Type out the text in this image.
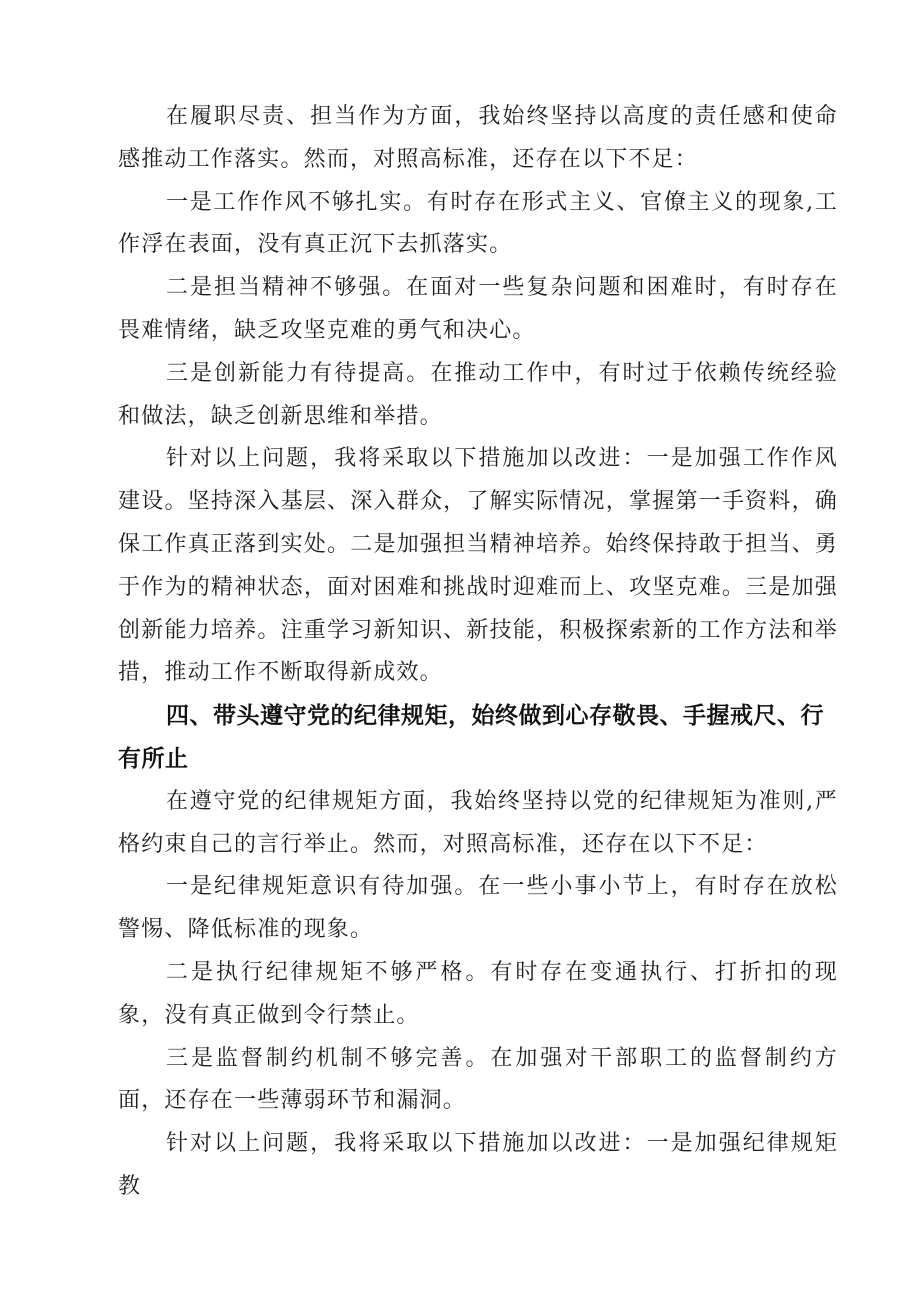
在履职尽责、担当作为方面，我始终坚持以高度的责任感和使命感推动工作落实。然而，对照高标准，还存在以下不足：

一是工作作风不够扎实。有时存在形式主义、官僚主义的现象,工作浮在表面，没有真正沉下去抓落实。

二是担当精神不够强。在面对一些复杂问题和困难时，有时存在畏难情绪，缺乏攻坚克难的勇气和决心。

三是创新能力有待提高。在推动工作中，有时过于依赖传统经验和做法，缺乏创新思维和举措。

针对以上问题，我将采取以下措施加以改进：一是加强工作作风建设。坚持深入基层、深入群众，了解实际情况，掌握第一手资料，确保工作真正落到实处。二是加强担当精神培养。始终保持敢于担当、勇于作为的精神状态，面对困难和挑战时迎难而上、攻坚克难。三是加强创新能力培养。注重学习新知识、新技能，积极探索新的工作方法和举措，推动工作不断取得新成效。

四、带头遵守党的纪律规矩，始终做到心存敬畏、手握戒尺、行有所止

在遵守党的纪律规矩方面，我始终坚持以党的纪律规矩为准则,严格约束自己的言行举止。然而，对照高标准，还存在以下不足：

一是纪律规矩意识有待加强。在一些小事小节上，有时存在放松警惕、降低标准的现象。

二是执行纪律规矩不够严格。有时存在变通执行、打折扣的现象，没有真正做到令行禁止。

三是监督制约机制不够完善。在加强对干部职工的监督制约方面，还存在一些薄弱环节和漏洞。

针对以上问题，我将采取以下措施加以改进：一是加强纪律规矩教
